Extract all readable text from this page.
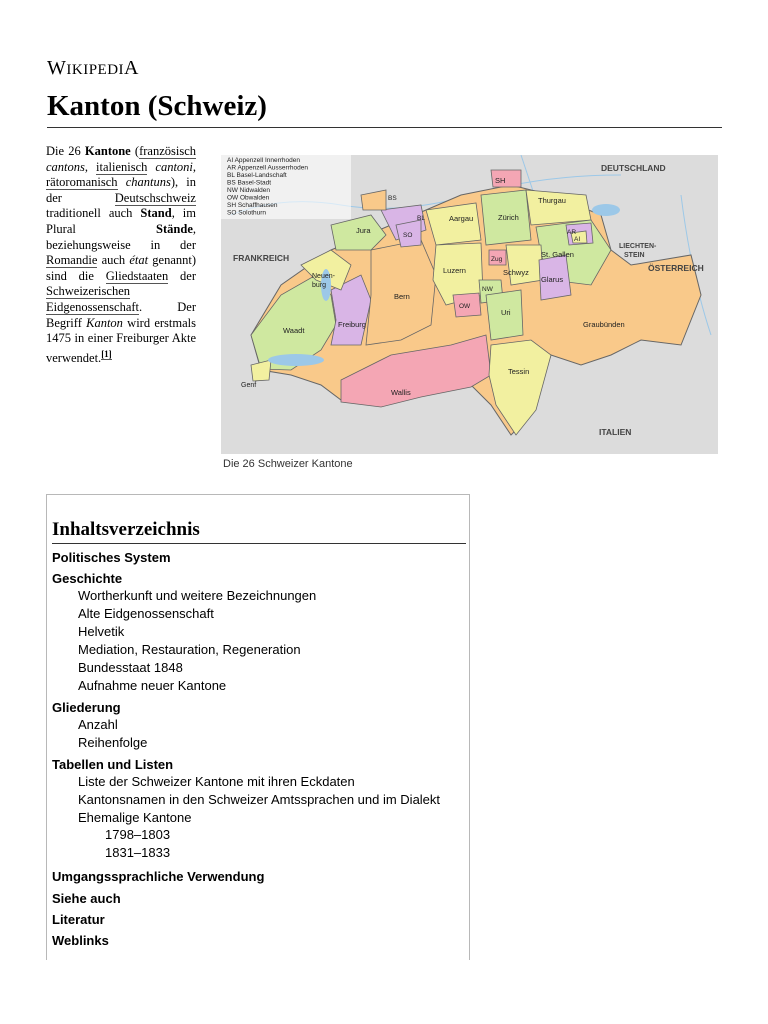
WIKIPEDIA
Kanton (Schweiz)
Die 26 Kantone (französisch cantons, italienisch cantoni, rätoromanisch chantuns), in der Deutschschweiz traditionell auch Stand, im Plural Stände, beziehungsweise in der Romandie auch état genannt) sind die Gliedstaaten der Schweizerischen Eidgenossenschaft. Der Begriff Kanton wird erstmals 1475 in einer Freiburger Akte verwendet.[1]
AI Appenzell Innerrhoden
AR Appenzell Ausserrhoden
BL Basel-Landschaft
BS Basel-Stadt
NW Nidwalden
OW Obwalden
SH Schaffhausen
SO Solothurn
DEUTSCHLAND
FRANKREICH
ÖSTERREICH
LIECHTEN-
STEIN
ITALIEN
SH
BS
BL
SO
Jura
Aargau	Zürich
Thurgau
AR
AI
St. Gallen
Neuen-
burg
Bern
Luzern
Zug
Schwyz
Glarus
NW
OW
Uri
Freiburg
Waadt
Graubünden
Tessin
Wallis
Genf
Die 26 Schweizer Kantone
Inhaltsverzeichnis
Politisches System
Geschichte
Wortherkunft und weitere Bezeichnungen
Alte Eidgenossenschaft
Helvetik
Mediation, Restauration, Regeneration
Bundesstaat 1848
Aufnahme neuer Kantone
Gliederung
Anzahl
Reihenfolge
Tabellen und Listen
Liste der Schweizer Kantone mit ihren Eckdaten
Kantonsnamen in den Schweizer Amtssprachen und im Dialekt
Ehemalige Kantone
1798–1803
1831–1833
Umgangssprachliche Verwendung
Siehe auch
Literatur
Weblinks
